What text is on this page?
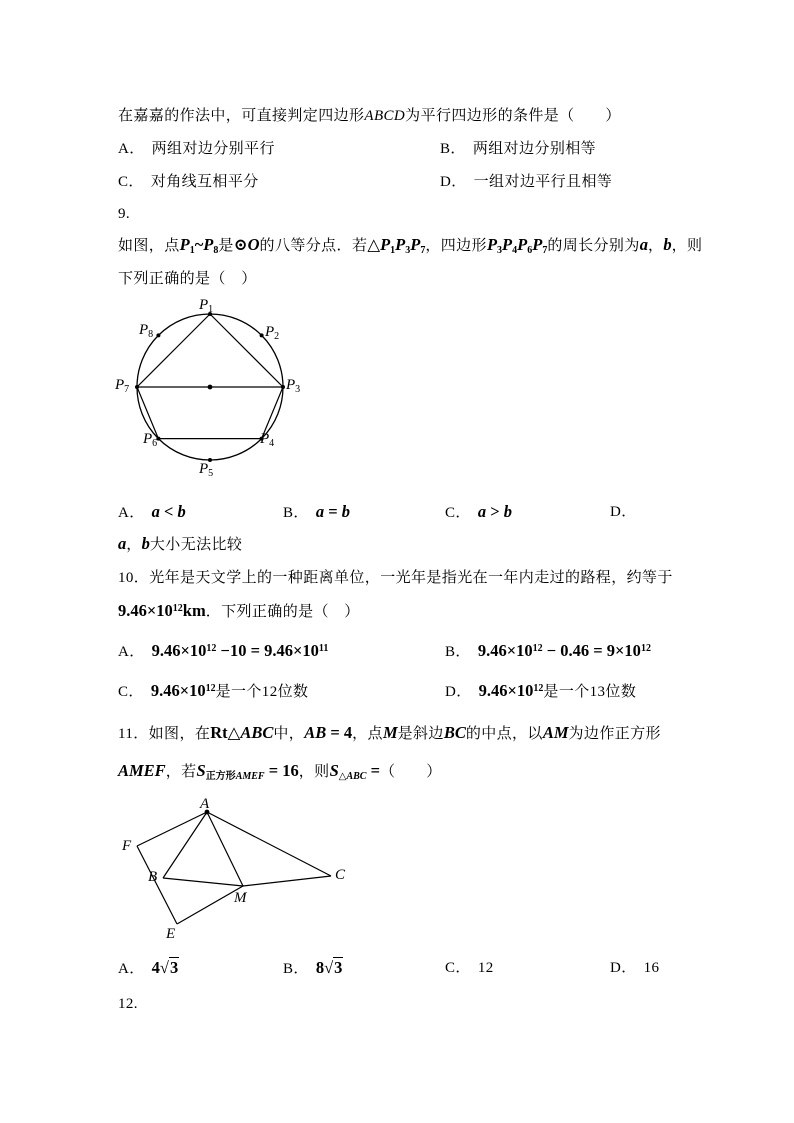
在嘉嘉的作法中，可直接判定四边形ABCD为平行四边形的条件是（  ）
A． 两组对边分别平行	B． 两组对边分别相等
C． 对角线互相平分	D． 一组对边平行且相等
9.
如图，点$P_1\sim P_8$是⊙O的八等分点．若$\triangle P_1P_3P_7$，四边形$P_3P_4P_6P_7$的周长分别为a，b，则
下列正确的是（ ）
$P_1$
$P_2$
$P_3$
$P_4$
$P_5$
$P_6$
$P_7$
$P_8$
A． a < b	B． a = b	C． a > b	D．
a，b大小无法比较
10．光年是天文学上的一种距离单位，一光年是指光在一年内走过的路程，约等于
$9.46\times 10^{12}km$．下列正确的是（ ）
A． $9.46\times 10^{12} -10 = 9.46\times 10^{11}$	B． $9.46\times 10^{12} - 0.46 = 9\times 10^{12}$
C． $9.46\times 10^{12}$是一个12位数	D． $9.46\times 10^{12}$是一个13位数
11．如图，在Rt△ABC中，AB = 4，点M是斜边BC的中点，以AM为边作正方形
AMEF，若$S_{正方形AMEF} = 16$，则$S_{\triangle ABC}$ =（  ）
A
F
B
M
C
E
A． 4√3	B． 8√3	C． 12	D． 16
12.
